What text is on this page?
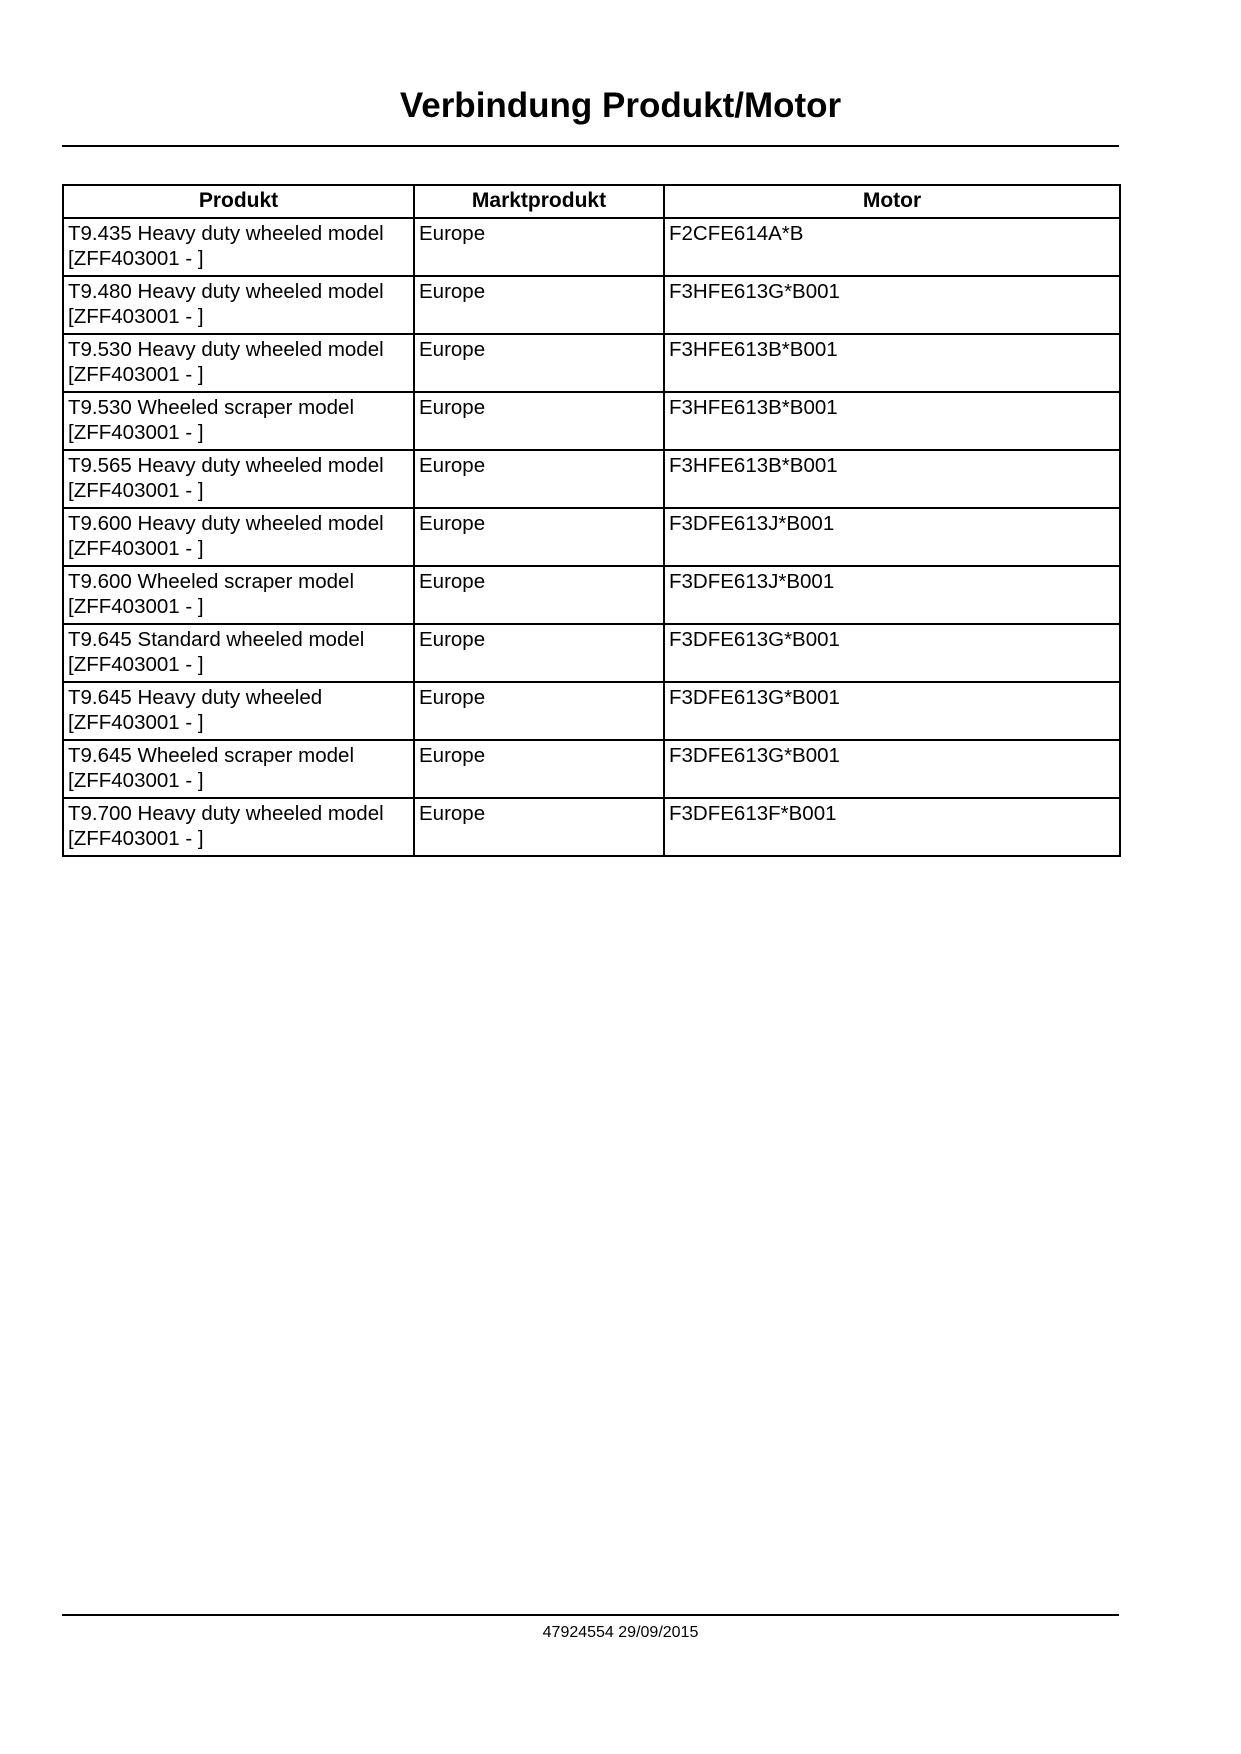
Verbindung Produkt/Motor
Produkt	Marktprodukt	Motor

T9.435 Heavy duty wheeled model
[ZFF403001 - ]	Europe	F2CFE614A*B

T9.480 Heavy duty wheeled model
[ZFF403001 - ]	Europe	F3HFE613G*B001

T9.530 Heavy duty wheeled model
[ZFF403001 - ]	Europe	F3HFE613B*B001

T9.530 Wheeled scraper model
[ZFF403001 - ]	Europe	F3HFE613B*B001

T9.565 Heavy duty wheeled model
[ZFF403001 - ]	Europe	F3HFE613B*B001

T9.600 Heavy duty wheeled model
[ZFF403001 - ]	Europe	F3DFE613J*B001

T9.600 Wheeled scraper model
[ZFF403001 - ]	Europe	F3DFE613J*B001

T9.645 Standard wheeled model
[ZFF403001 - ]	Europe	F3DFE613G*B001

T9.645 Heavy duty wheeled
[ZFF403001 - ]	Europe	F3DFE613G*B001

T9.645 Wheeled scraper model
[ZFF403001 - ]	Europe	F3DFE613G*B001

T9.700 Heavy duty wheeled model
[ZFF403001 - ]	Europe	F3DFE613F*B001
47924554 29/09/2015
